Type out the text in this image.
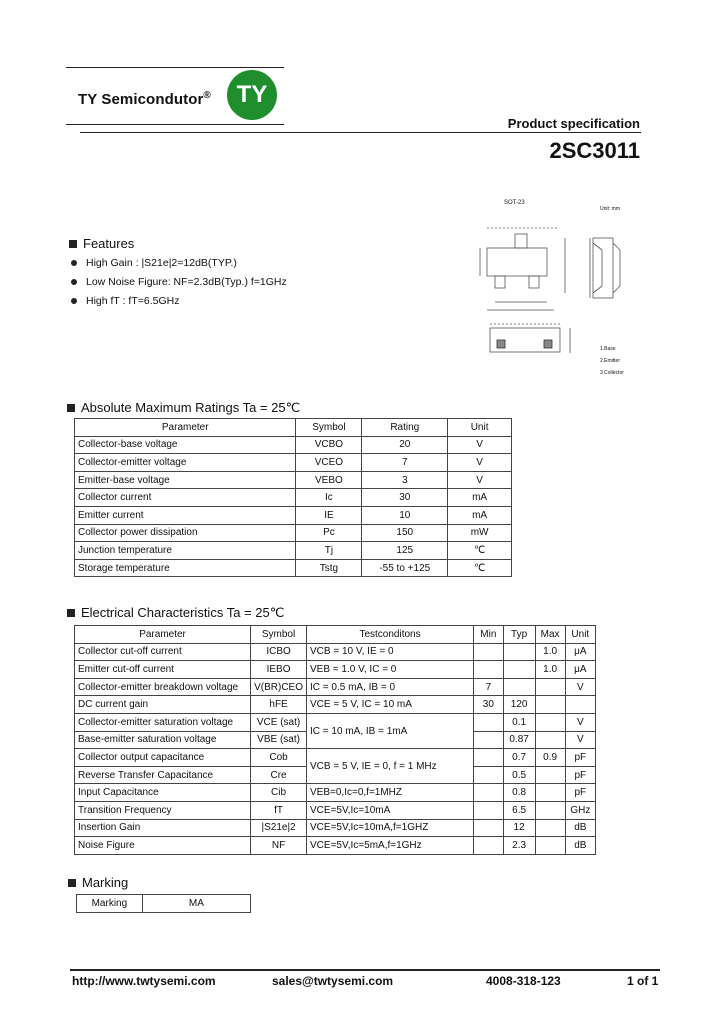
TY Semicondutor® TY
Product specification
2SC3011
SOT-23
Unit: mm
1.Base
2.Emitter
3.Collector
Features
High Gain : |S21e|2=12dB(TYP.)
Low Noise Figure: NF=2.3dB(Typ.) f=1GHz
High fT : fT=6.5GHz
Absolute Maximum Ratings Ta = 25℃
Parameter	Symbol	Rating	Unit
Collector-base voltage	VCBO	20	V
Collector-emitter voltage	VCEO	7	V
Emitter-base voltage	VEBO	3	V
Collector current	Ic	30	mA
Emitter current	IE	10	mA
Collector power dissipation	Pc	150	mW
Junction temperature	Tj	125	℃
Storage temperature	Tstg	-55 to +125	℃
Electrical Characteristics Ta = 25℃
Parameter	Symbol	Testconditons	Min	Typ	Max	Unit
Collector cut-off current	ICBO	VCB = 10 V, IE = 0			1.0	μA
Emitter cut-off current	IEBO	VEB = 1.0 V, IC = 0			1.0	μA
Collector-emitter breakdown voltage	V(BR)CEO	IC = 0.5 mA, IB = 0	7			V
DC current gain	hFE	VCE = 5 V, IC = 10 mA	30	120		
Collector-emitter saturation voltage	VCE (sat)	IC = 10 mA, IB = 1mA		0.1		V
Base-emitter saturation voltage	VBE (sat)			0.87		V
Collector output capacitance	Cob	VCB = 5 V, IE = 0, f = 1 MHz		0.7	0.9	pF
Reverse Transfer Capacitance	Cre			0.5		pF
Input Capacitance	Cib	VEB=0,Ic=0,f=1MHZ		0.8		pF
Transition Frequency	fT	VCE=5V,Ic=10mA		6.5		GHz
Insertion Gain	|S21e|2	VCE=5V,Ic=10mA,f=1GHZ		12		dB
Noise Figure	NF	VCE=5V,Ic=5mA,f=1GHz		2.3		dB
Marking
Marking	MA
http://www.twtysemi.com	sales@twtysemi.com	4008-318-123	1 of 1
